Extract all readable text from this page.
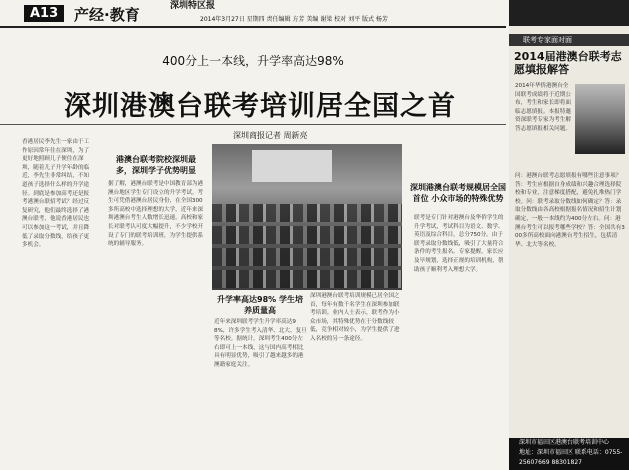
A13	产经·教育	深圳特区报
2014年3月27日 星期四 责任编辑 方芳 美编 谢梁 校对 刘平 版式 杨芳
400分上一本线，升学率高达98%
深圳港澳台联考培训居全国之首
深圳商报记者 周新亮
香港居民李先生一家由于工作原因常年住在深圳，为了更好地照顾儿子便住在深圳，随着儿子升学年龄的临近，李先生非常纠结，不知道孩子选择什么样的升学途径。到底是参加高考还是报考港澳台联招考试？经过反复研究，他们最终选择了港澳台联考，他说香港居民也可以参加这一考试，并且降低了录取分数线，给孩子更多机会。
港澳台联考院校深圳最多，深圳学子优势明显
据了解，港澳台联考是中国教育部为港澳台地区学生专门设立的升学考试。考生可凭借港澳台居民身份，在全国300多所高校中选择理想的大学，近年来深圳港澳台考生人数增长迅速，高校和家长对联考认可度大幅提升，不少学校开设了专门的联考培训班，为学生提供系统的辅导服务。
升学率高达98% 学生培养质量高
近年来深圳联考学生升学率高达98%，许多学生考入清华、北大、复旦等名校。据统计，深圳考生400分左右即可上一本线，这与国内高考相比具有明显优势，吸引了越来越多的港澳籍家庭关注。
深圳港澳台联考培训规模已居全国之首，每年有数千名学生在深圳参加联考培训。业内人士表示，联考作为小众市场，其特殊优势在于分数线较低，竞争相对较小，为学生提供了进入名校的另一条途径。
深圳港澳台联考规模居全国首位 小众市场的特殊优势
联考是专门针对港澳台及华侨学生的升学考试，考试科目为语文、数学、英语及综合科目，总分750分。由于联考录取分数线低，吸引了大量符合条件的考生报名。专家提醒，家长应及早规划，选择正规的培训机构，帮助孩子顺利考入理想大学。
联考专家面对面
2014届港澳台联考志愿填报解答
2014年华侨港澳台全国联考成绩将于近期公布，考生和家长即将面临志愿填报。本报特邀资深联考专家为考生解答志愿填报相关问题。
问：港澳台联考志愿填报有哪些注意事项？答：考生应根据自身成绩和兴趣合理选择院校和专业，注意梯度搭配，避免扎堆热门学校。问：联考录取分数线如何确定？答：录取分数线由各高校根据报名情况和招生计划确定，一般一本线约为400分左右。问：港澳台考生可以报考哪些学校？答：全国共有300多所高校面向港澳台考生招生，包括清华、北大等名校。
深圳市福田区港澳台联考培训中心
地址：深圳市福田区 联系电话：0755-25607669 88301827
